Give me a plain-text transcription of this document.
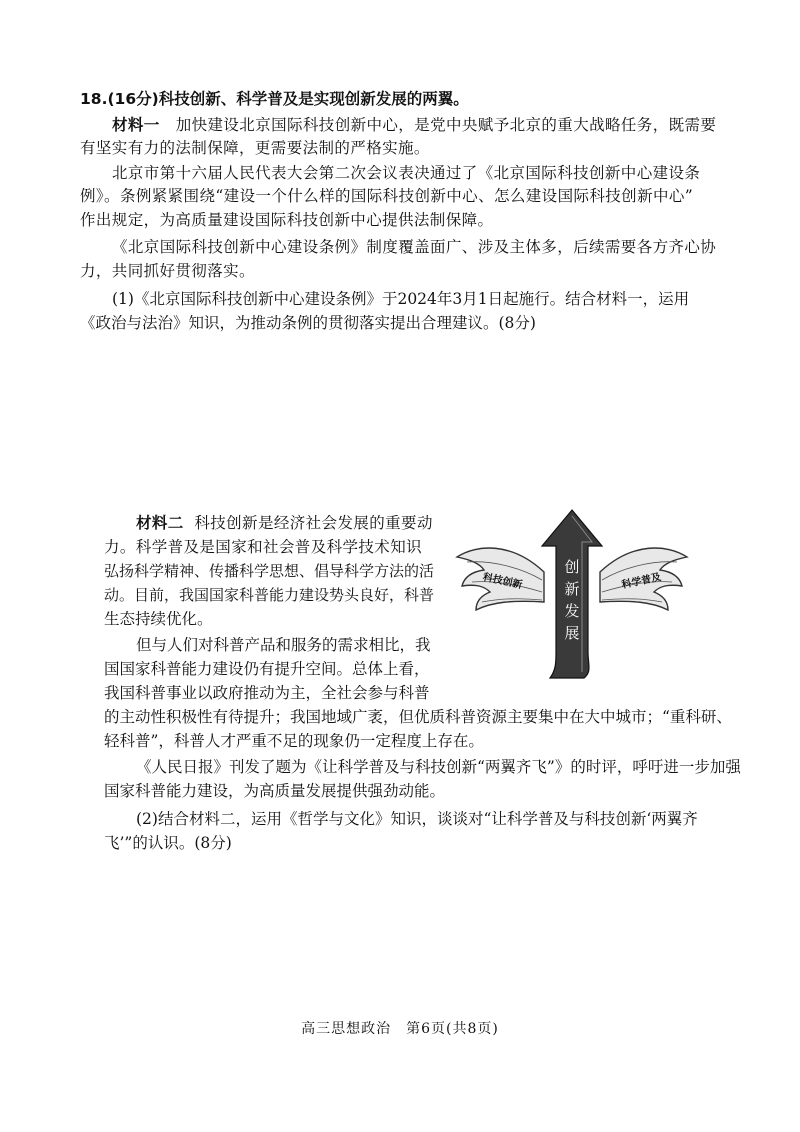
18.(16分)科技创新、科学普及是实现创新发展的两翼。
材料一 加快建设北京国际科技创新中心，是党中央赋予北京的重大战略任务，既需要
有坚实有力的法制保障，更需要法制的严格实施。
北京市第十六届人民代表大会第二次会议表决通过了《北京国际科技创新中心建设条
例》。条例紧紧围绕“建设一个什么样的国际科技创新中心、怎么建设国际科技创新中心”
作出规定，为高质量建设国际科技创新中心提供法制保障。
《北京国际科技创新中心建设条例》制度覆盖面广、涉及主体多，后续需要各方齐心协
力，共同抓好贯彻落实。
(1)《北京国际科技创新中心建设条例》于2024年3月1日起施行。结合材料一，运用
《政治与法治》知识，为推动条例的贯彻落实提出合理建议。(8分)
材料二 科技创新是经济社会发展的重要动
力。科学普及是国家和社会普及科学技术知识
弘扬科学精神、传播科学思想、倡导科学方法的活
动。目前，我国国家科普能力建设势头良好，科普
生态持续优化。
但与人们对科普产品和服务的需求相比，我
国国家科普能力建设仍有提升空间。总体上看，
我国科普事业以政府推动为主，全社会参与科普
的主动性积极性有待提升；我国地域广袤，但优质科普资源主要集中在大中城市；“重科研、
轻科普”，科普人才严重不足的现象仍一定程度上存在。
《人民日报》刊发了题为《让科学普及与科技创新“两翼齐飞”》的时评，呼吁进一步加强
国家科普能力建设，为高质量发展提供强劲动能。
(2)结合材料二，运用《哲学与文化》知识，谈谈对“让科学普及与科技创新‘两翼齐
飞’”的认识。(8分)
创
新
发
展
科技创新	科学普及
高三思想政治　第6页(共8页)
